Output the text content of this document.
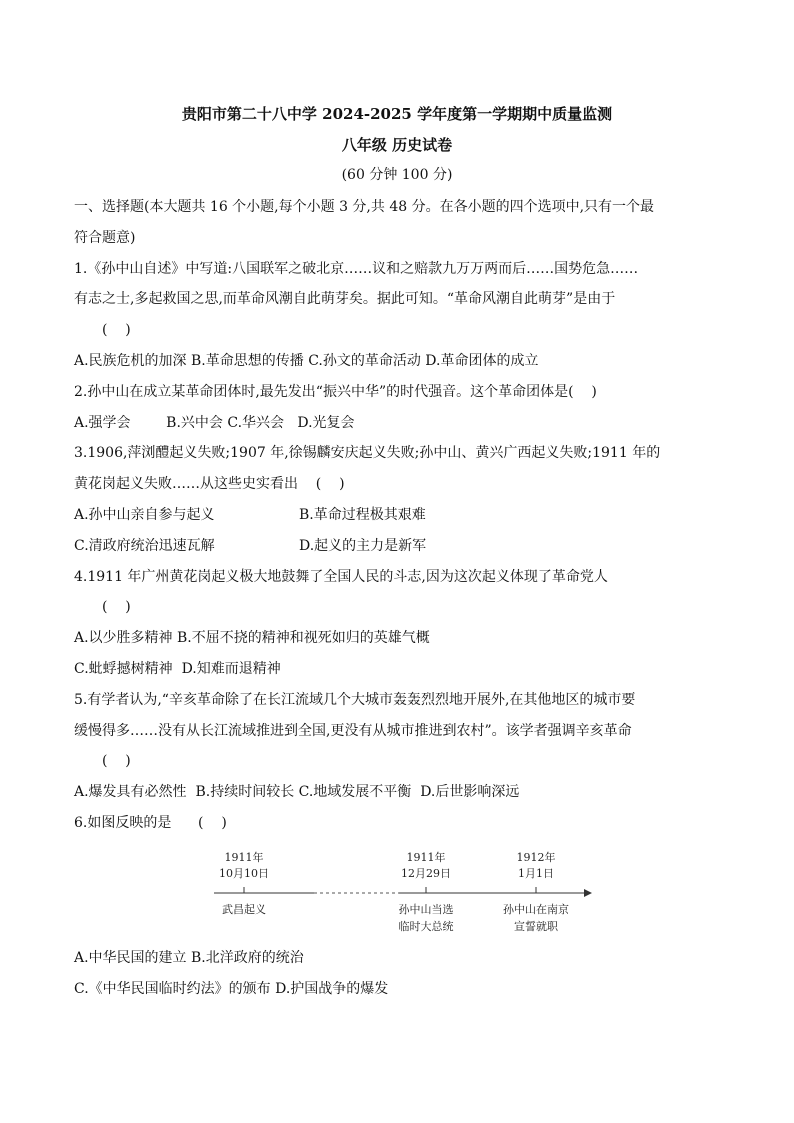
贵阳市第二十八中学 2024-2025 学年度第一学期期中质量监测
八年级 历史试卷
(60 分钟 100 分)
一、选择题(本大题共 16 个小题,每个小题 3 分,共 48 分。在各小题的四个选项中,只有一个最
符合题意)
1.《孙中山自述》中写道:八国联军之破北京……议和之赔款九万万两而后……国势危急……
有志之士,多起救国之思,而革命风潮自此萌芽矣。据此可知。“革命风潮自此萌芽”是由于
(    )
A.民族危机的加深 B.革命思想的传播 C.孙文的革命活动 D.革命团体的成立
2.孙中山在成立某革命团体时,最先发出“振兴中华”的时代强音。这个革命团体是(    )
A.强学会        B.兴中会 C.华兴会   D.光复会
3.1906,萍浏醴起义失败;1907 年,徐锡麟安庆起义失败;孙中山、黄兴广西起义失败;1911 年的
黄花岗起义失败……从这些史实看出    (    )
A.孙中山亲自参与起义	B.革命过程极其艰难
C.清政府统治迅速瓦解	D.起义的主力是新军
4.1911 年广州黄花岗起义极大地鼓舞了全国人民的斗志,因为这次起义体现了革命党人
(    )
A.以少胜多精神 B.不屈不挠的精神和视死如归的英雄气概
C.蚍蜉撼树精神  D.知难而退精神
5.有学者认为,“辛亥革命除了在长江流域几个大城市轰轰烈烈地开展外,在其他地区的城市要
缓慢得多……没有从长江流域推进到全国,更没有从城市推进到农村”。该学者强调辛亥革命
(    )
A.爆发具有必然性  B.持续时间较长 C.地域发展不平衡  D.后世影响深远
6.如图反映的是      (    )
1911年
10月10日
武昌起义
1911年
12月29日
孙中山当选
临时大总统
1912年
1月1日
孙中山在南京
宣誓就职
A.中华民国的建立 B.北洋政府的统治
C.《中华民国临时约法》的颁布 D.护国战争的爆发
